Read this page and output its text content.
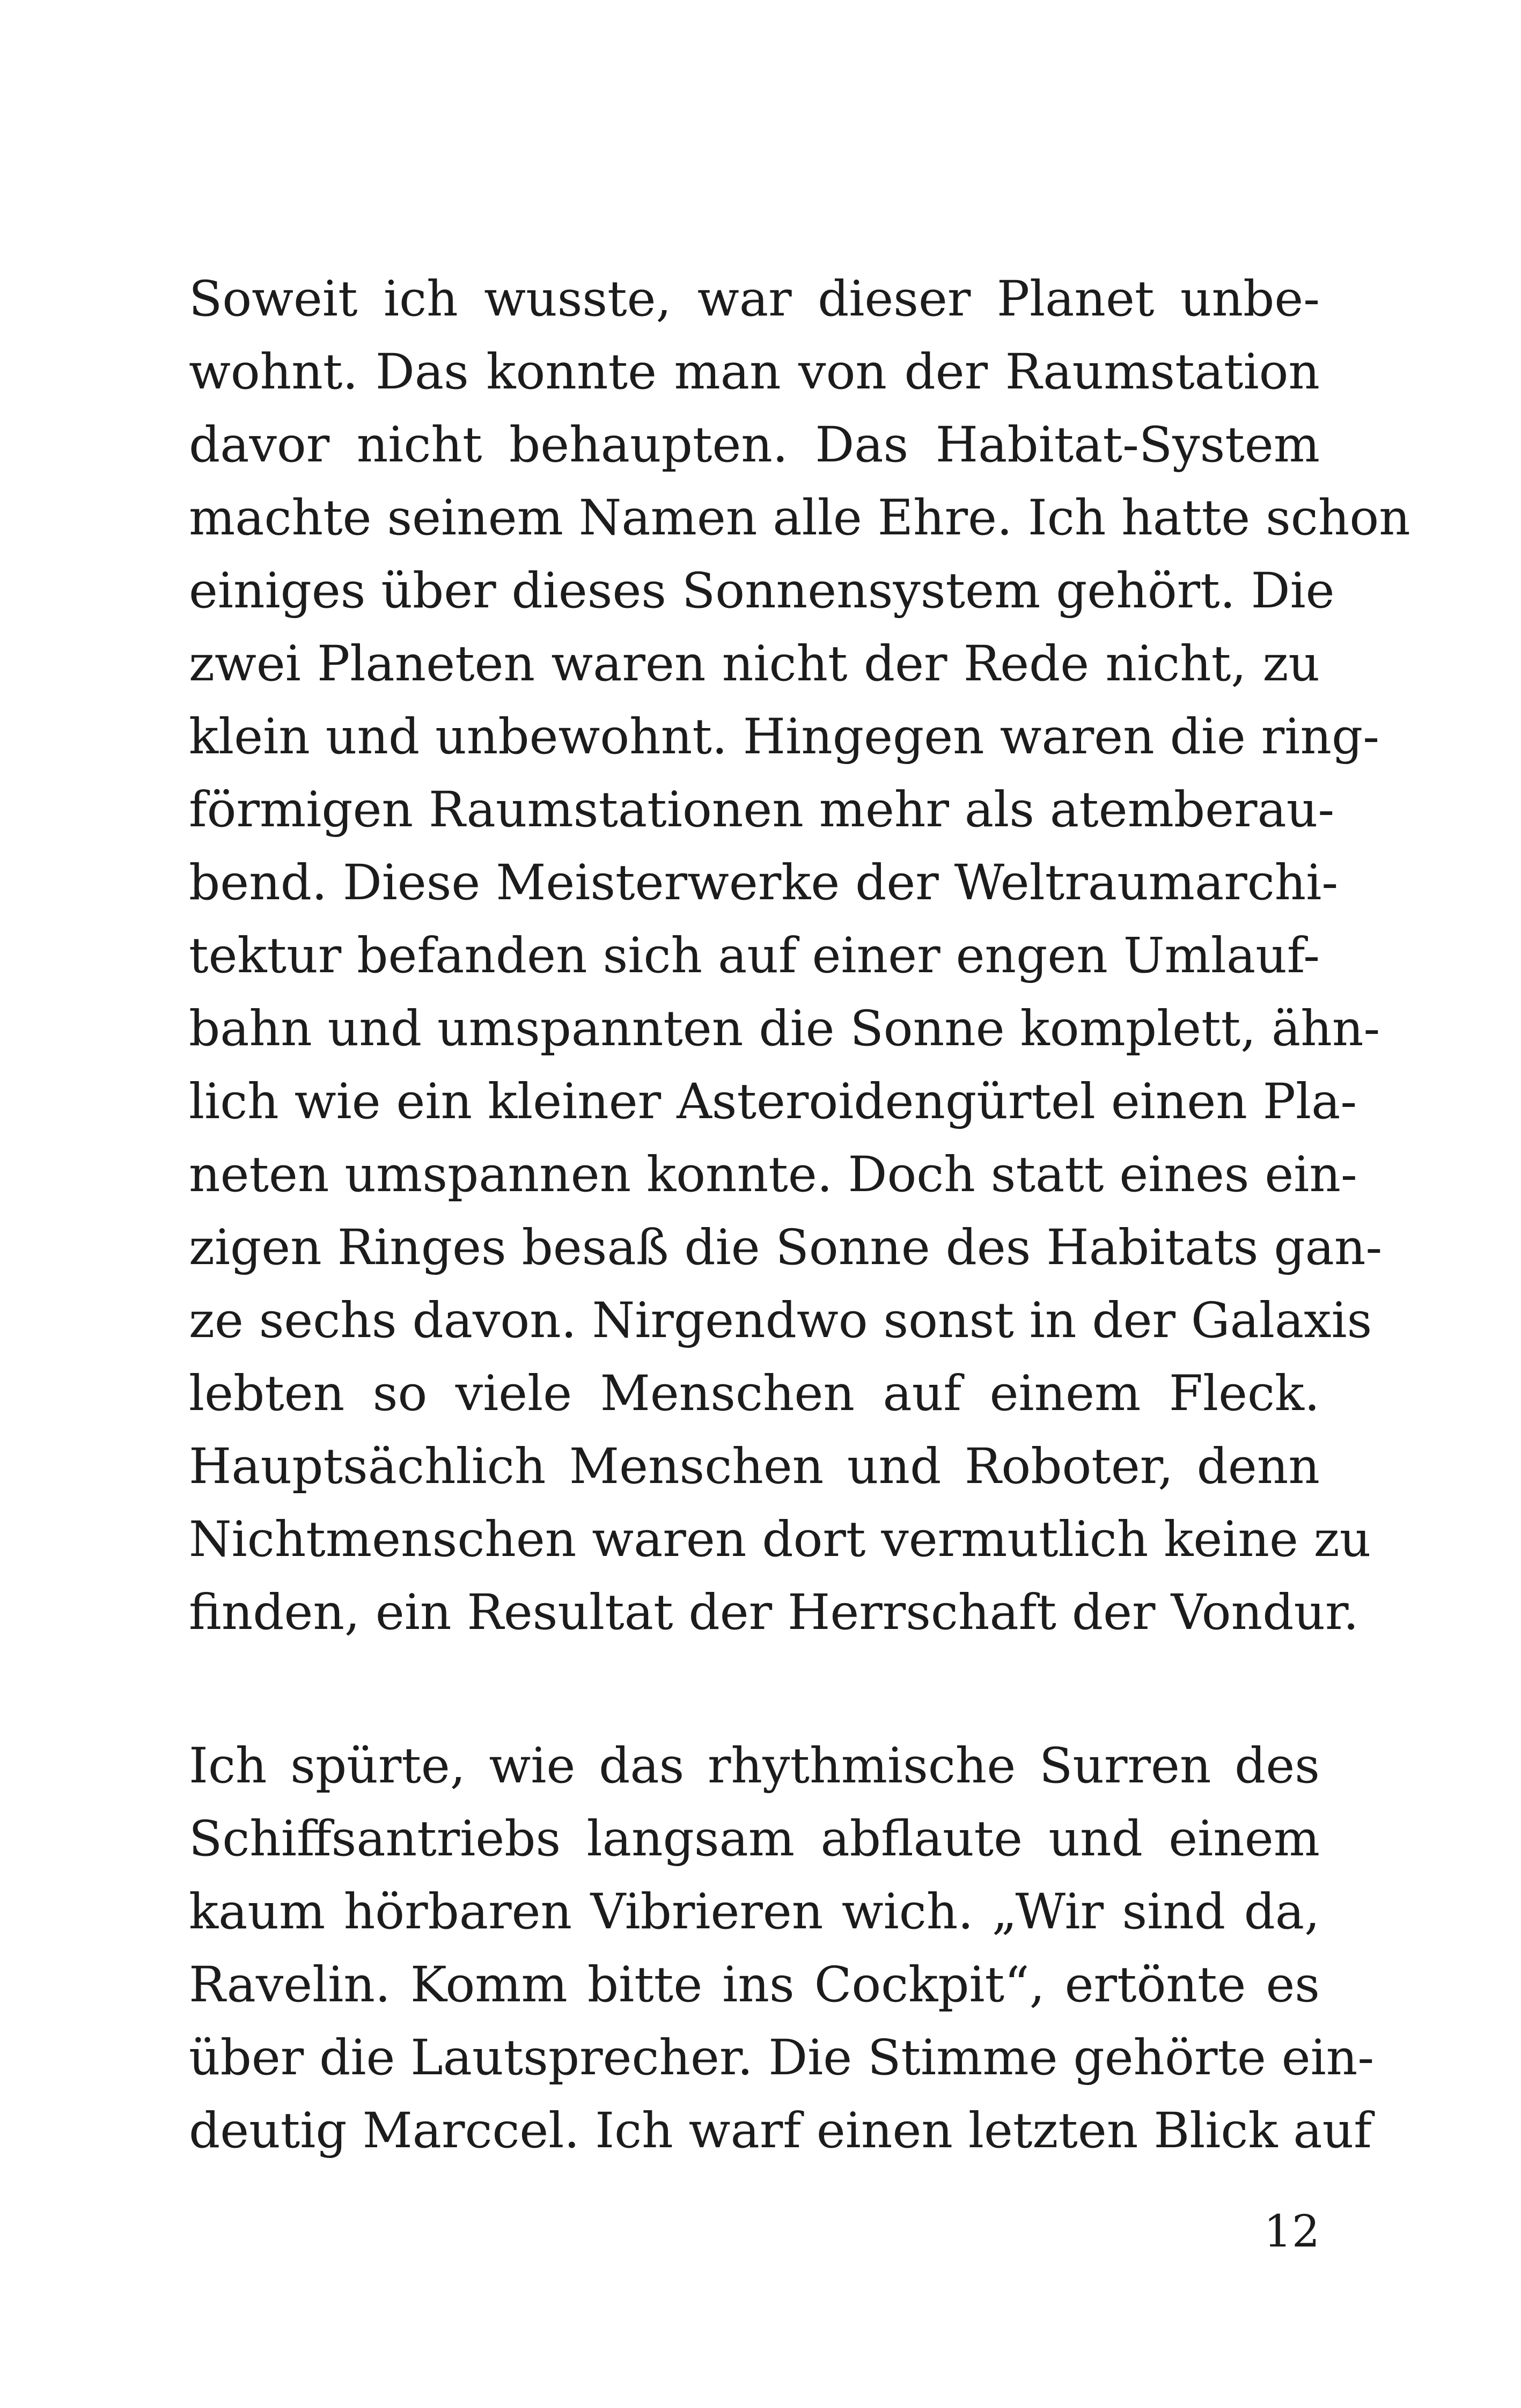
Soweit ich wusste, war dieser Planet unbe-
wohnt. Das konnte man von der Raumstation
davor nicht behaupten. Das Habitat-System
machte seinem Namen alle Ehre. Ich hatte schon
einiges über dieses Sonnensystem gehört. Die
zwei Planeten waren nicht der Rede nicht, zu
klein und unbewohnt. Hingegen waren die ring-
förmigen Raumstationen mehr als atemberau-
bend. Diese Meisterwerke der Weltraumarchi-
tektur befanden sich auf einer engen Umlauf-
bahn und umspannten die Sonne komplett, ähn-
lich wie ein kleiner Asteroidengürtel einen Pla-
neten umspannen konnte. Doch statt eines ein-
zigen Ringes besaß die Sonne des Habitats gan-
ze sechs davon. Nirgendwo sonst in der Galaxis
lebten so viele Menschen auf einem Fleck.
Hauptsächlich Menschen und Roboter, denn
Nichtmenschen waren dort vermutlich keine zu
finden, ein Resultat der Herrschaft der Vondur.
Ich spürte, wie das rhythmische Surren des
Schiffsantriebs langsam abflaute und einem
kaum hörbaren Vibrieren wich. „Wir sind da,
Ravelin. Komm bitte ins Cockpit“, ertönte es
über die Lautsprecher. Die Stimme gehörte ein-
deutig Marccel. Ich warf einen letzten Blick auf
12
